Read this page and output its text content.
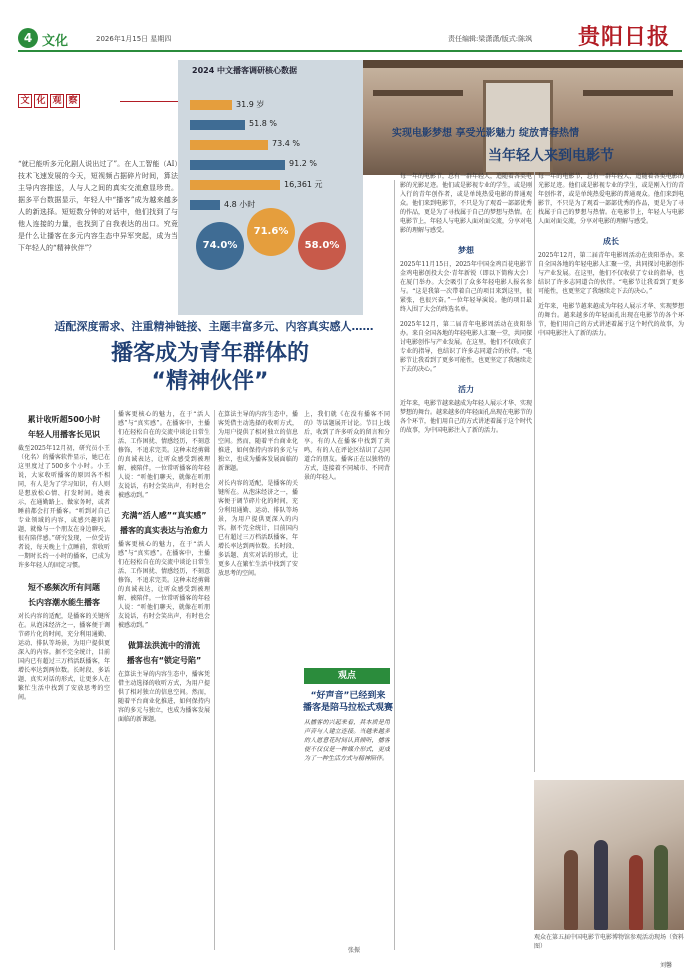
4 文化	2026年1月15日 星期四	责任编辑:梁潇潇/版式:陈飒 贵阳日报
文 化 观 察
“就已能听多元化剧人说出过了”。在人工智能（AI）技术飞速发展的今天，短视频占据碎片时间，算法主导内容推送，人与人之间的真实交流愈显珍贵。据多平台数据显示，年轻人中“播客”成为越来越多人的新选择。短短数分钟的对话中，他们找到了与他人连接的力量，也找到了自我表达的出口。究竟是什么让播客在多元内容生态中异军突起，成为当下年轻人的“精神伙伴”？
2024 中文播客调研核心数据
31.9 岁
51.8 %
73.4 %
91.2 %
16,361 元
4.8 小时
74.0%
71.6%
58.0%
实现电影梦想 享受光影魅力 绽放青春热情
当年轻人来到电影节
适配深度需求、注重精神链接、主题丰富多元、内容真实感人……
播客成为青年群体的
“精神伙伴”
累计收听超500小时
年轻人用播客长见识
截至2025年12月初，研究员小王（化名）的播客软件显示，她已在这里度过了500多个小时。小王说，大家收听播客的原因各不相同，有人是为了学习知识，有人则是想放松心情、打发时间。她表示，在通勤路上、做家务时，或者睡前都会打开播客。“听到对自己专业领域的内容，或感兴趣的话题，就像与一个朋友在身边聊天，很有陪伴感。”研究发现，一位受访者说，每天晚上十点睡前，常收听一期时长约一小时的播客，已成为许多年轻人的固定习惯。
短不惑频次所有问题
长内容潮水能生播客
对长内容的适配，是播客的关键所在。从泡沫经济之一，播客便于调节碎片化的时间，充分利用通勤、运动、排队等场景，为用户提供更深入的内容。据不完全统计，目前国内已有超过三万档活跃播客，年增长率达到两位数。长时段、多话题、真实对话的形式，让更多人在繁忙生活中找到了安放思考的空间。
播客更核心的魅力，在于“活人感”与“真实感”。在播客中，主播们在轻松自在的交流中谈论日常生活、工作困扰、情感经历，不刻意修饰，不追求完美。这种未经剪辑的真诚表达，让听众感受到被理解、被陪伴。一位常听播客的年轻人说：“听他们聊天，就像在听朋友说话，有时会笑出声，有时也会被感动到。”
充满“活人感”“真实感”
播客的真实表达与治愈力
播客更核心的魅力，在于“活人感”与“真实感”。在播客中，主播们在轻松自在的交流中谈论日常生活、工作困扰、情感经历，不刻意修饰，不追求完美。这种未经剪辑的真诚表达，让听众感受到被理解、被陪伴。一位常听播客的年轻人说：“听他们聊天，就像在听朋友说话，有时会笑出声，有时也会被感动到。”
做算法洪流中的清流
播客也有“锁定号陷”
在算法主导的内容生态中，播客凭借主动选择的收听方式，为用户提供了相对独立的信息空间。然而，随着平台商业化推进，如何保持内容的多元与独立，也成为播客发展面临的新课题。
在算法主导的内容生态中，播客凭借主动选择的收听方式，为用户提供了相对独立的信息空间。然而，随着平台商业化推进，如何保持内容的多元与独立，也成为播客发展面临的新课题。
对长内容的适配，是播客的关键所在。从泡沫经济之一，播客便于调节碎片化的时间，充分利用通勤、运动、排队等场景，为用户提供更深入的内容。据不完全统计，目前国内已有超过三万档活跃播客，年增长率达到两位数。长时段、多话题、真实对话的形式，让更多人在繁忙生活中找到了安放思考的空间。
上，我们就《在没有播客不同的》等话题展开讨论。节目上线后，收到了许多听众的留言和分享。有的人在播客中找到了共鸣，有的人在评论区结识了志同道合的朋友。播客正在以独特的方式，连接着不同城市、不同背景的年轻人。
观点
“好声音”已经到来
播客是陪马拉松式观赛
从播客的兴起来看，其本质是用声音与人建立连接。当越来越多的人愿意花时间认真倾听，播客便不仅仅是一种媒介形式，更成为了一种生活方式与精神陪伴。
张振
每一年的电影节，总有一群年轻人，追随着各类电影的光影足迹。他们或是影视专业的学生，或是刚入行的青年创作者，或是单纯热爱电影的普通观众。他们来到电影节，不只是为了观看一部部优秀的作品，更是为了寻找属于自己的梦想与热情。在电影节上，年轻人与电影人面对面交流，分享对电影的理解与感受。
梦想
2025年11月15日，2025年中国金鸡百花电影节金鸡电影创投大会·青年新锐（即以下简称大会）在厦门举办。大会吸引了众多年轻电影人报名参与。“这是我第一次带着自己的项目来到这里，很紧张，也很兴奋。”一位年轻导演说。他的项目最终入围了大会的终选名单。
2025年12月，第二届青年电影周活动在贵阳举办。来自全国各地的年轻电影人汇聚一堂，共同探讨电影创作与产业发展。在这里，他们不仅收获了专业的指导，也结识了许多志同道合的伙伴。“电影节让我看到了更多可能性，也更坚定了我继续走下去的决心。”
活力
近年来，电影节越来越成为年轻人展示才华、实现梦想的舞台。越来越多的年轻面孔出现在电影节的各个环节，他们用自己的方式讲述着属于这个时代的故事，为中国电影注入了新的活力。
每一年的电影节，总有一群年轻人，追随着各类电影的光影足迹。他们或是影视专业的学生，或是刚入行的青年创作者，或是单纯热爱电影的普通观众。他们来到电影节，不只是为了观看一部部优秀的作品，更是为了寻找属于自己的梦想与热情。在电影节上，年轻人与电影人面对面交流，分享对电影的理解与感受。
成长
2025年12月，第二届青年电影周活动在贵阳举办。来自全国各地的年轻电影人汇聚一堂，共同探讨电影创作与产业发展。在这里，他们不仅收获了专业的指导，也结识了许多志同道合的伙伴。“电影节让我看到了更多可能性，也更坚定了我继续走下去的决心。”
近年来，电影节越来越成为年轻人展示才华、实现梦想的舞台。越来越多的年轻面孔出现在电影节的各个环节，他们用自己的方式讲述着属于这个时代的故事，为中国电影注入了新的活力。
观众在第五届中国电影节电影博物馆参观活动现场（资料图）
刘馨
